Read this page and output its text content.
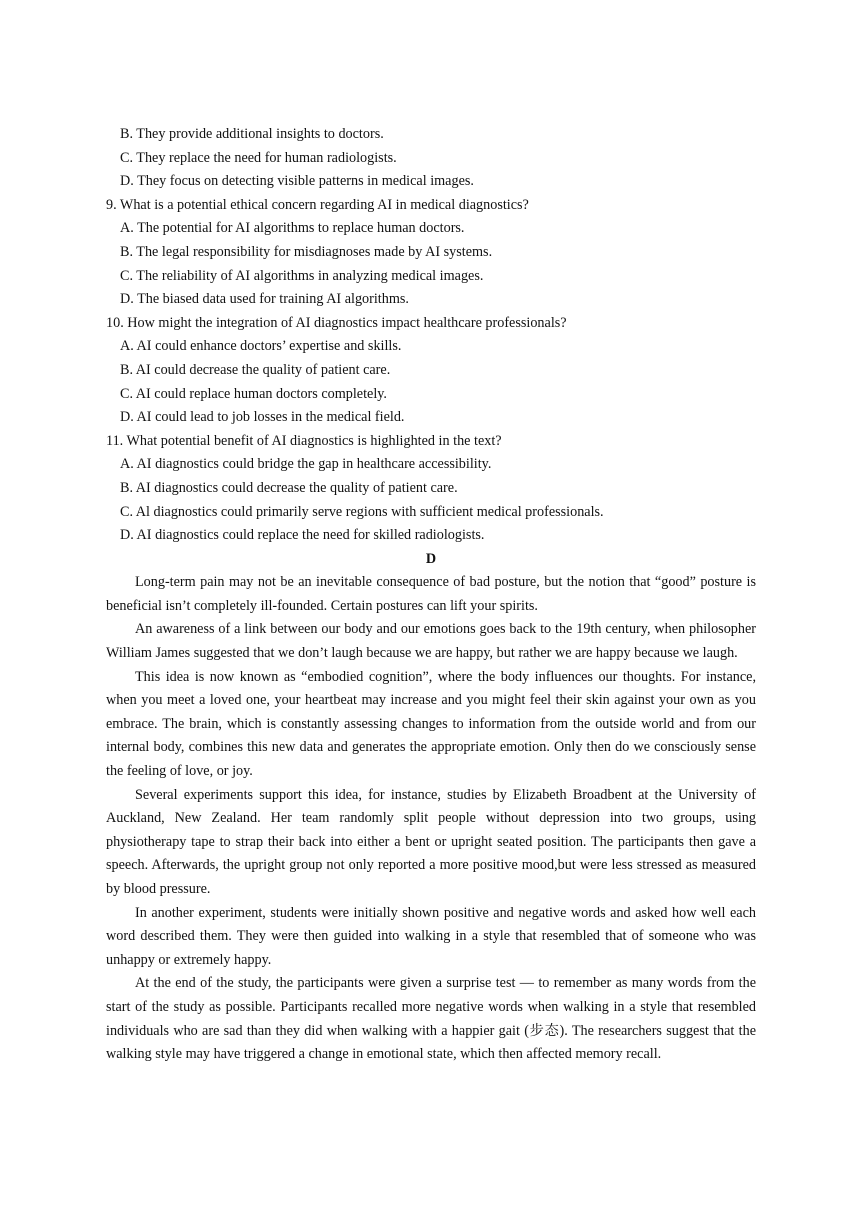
B. They provide additional insights to doctors.
C. They replace the need for human radiologists.
D. They focus on detecting visible patterns in medical images.
9. What is a potential ethical concern regarding AI in medical diagnostics?
A. The potential for AI algorithms to replace human doctors.
B. The legal responsibility for misdiagnoses made by AI systems.
C. The reliability of AI algorithms in analyzing medical images.
D. The biased data used for training AI algorithms.
10. How might the integration of AI diagnostics impact healthcare professionals?
A. AI could enhance doctors’ expertise and skills.
B. AI could decrease the quality of patient care.
C. AI could replace human doctors completely.
D. AI could lead to job losses in the medical field.
11. What potential benefit of AI diagnostics is highlighted in the text?
A. AI diagnostics could bridge the gap in healthcare accessibility.
B. AI diagnostics could decrease the quality of patient care.
C. Al diagnostics could primarily serve regions with sufficient medical professionals.
D. AI diagnostics could replace the need for skilled radiologists.
D

Long-term pain may not be an inevitable consequence of bad posture, but the notion that “good” posture is beneficial isn’t completely ill-founded. Certain postures can lift your spirits.

An awareness of a link between our body and our emotions goes back to the 19th century, when philosopher William James suggested that we don’t laugh because we are happy, but rather we are happy because we laugh.

This idea is now known as “embodied cognition”, where the body influences our thoughts. For instance, when you meet a loved one, your heartbeat may increase and you might feel their skin against your own as you embrace. The brain, which is constantly assessing changes to information from the outside world and from our internal body, combines this new data and generates the appropriate emotion. Only then do we consciously sense the feeling of love, or joy.

Several experiments support this idea, for instance, studies by Elizabeth Broadbent at the University of Auckland, New Zealand. Her team randomly split people without depression into two groups, using physiotherapy tape to strap their back into either a bent or upright seated position. The participants then gave a speech. Afterwards, the upright group not only reported a more positive mood,but were less stressed as measured by blood pressure.

In another experiment, students were initially shown positive and negative words and asked how well each word described them. They were then guided into walking in a style that resembled that of someone who was unhappy or extremely happy.

At the end of the study, the participants were given a surprise test — to remember as many words from the start of the study as possible. Participants recalled more negative words when walking in a style that resembled individuals who are sad than they did when walking with a happier gait (步态). The researchers suggest that the walking style may have triggered a change in emotional state, which then affected memory recall.
